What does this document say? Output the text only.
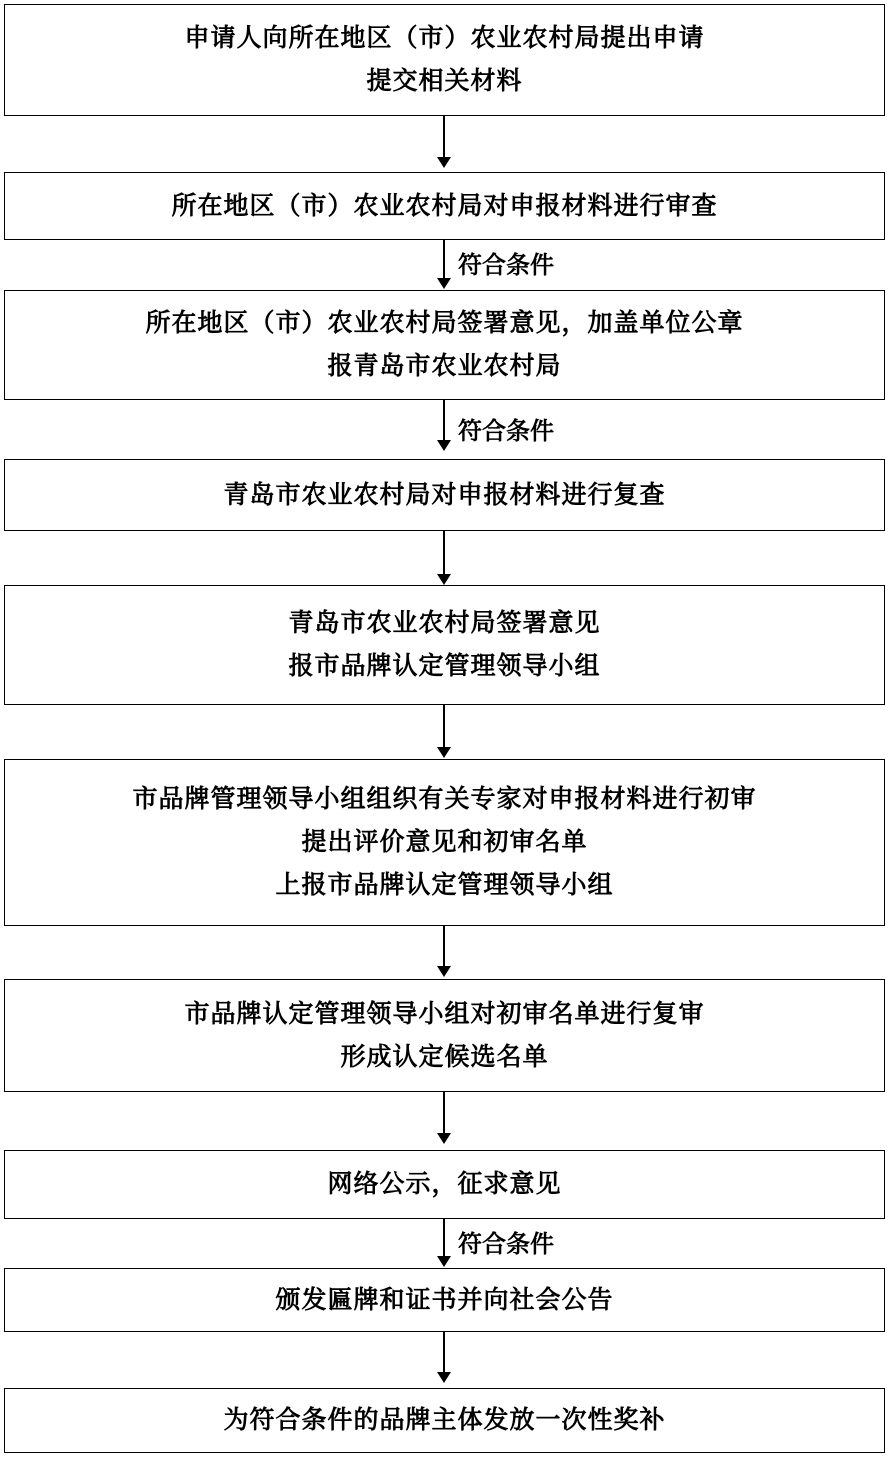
申请人向所在地区（市）农业农村局提出申请
提交相关材料
所在地区（市）农业农村局对申报材料进行审查
符合条件
所在地区（市）农业农村局签署意见，加盖单位公章
报青岛市农业农村局
符合条件
青岛市农业农村局对申报材料进行复查
青岛市农业农村局签署意见
报市品牌认定管理领导小组
市品牌管理领导小组组织有关专家对申报材料进行初审
提出评价意见和初审名单
上报市品牌认定管理领导小组
市品牌认定管理领导小组对初审名单进行复审
形成认定候选名单
网络公示，征求意见
符合条件
颁发匾牌和证书并向社会公告
为符合条件的品牌主体发放一次性奖补
